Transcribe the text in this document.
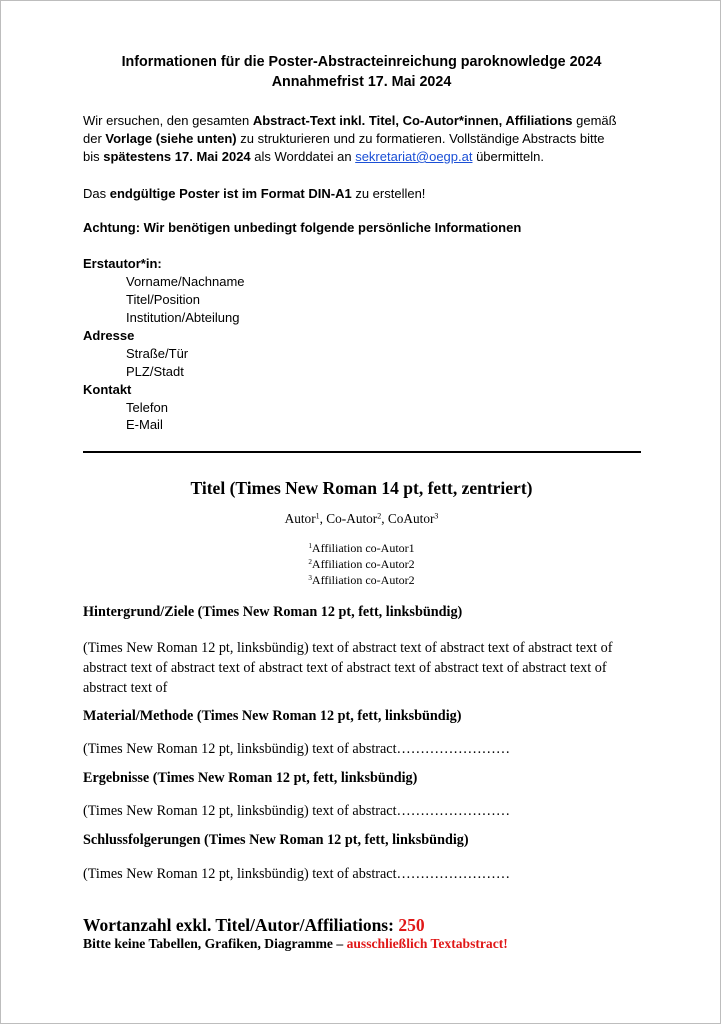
Informationen für die Poster-Abstracteinreichung paroknowledge 2024
Annahmefrist 17. Mai 2024
Wir ersuchen, den gesamten Abstract-Text inkl. Titel, Co-Autor*innen, Affiliations gemäß
der Vorlage (siehe unten) zu strukturieren und zu formatieren. Vollständige Abstracts bitte
bis spätestens 17. Mai 2024 als Worddatei an sekretariat@oegp.at übermitteln.
Das endgültige Poster ist im Format DIN-A1 zu erstellen!
Achtung: Wir benötigen unbedingt folgende persönliche Informationen
Erstautor*in:
Vorname/Nachname
Titel/Position
Institution/Abteilung
Adresse
Straße/Tür
PLZ/Stadt
Kontakt
Telefon
E-Mail
Titel (Times New Roman 14 pt, fett, zentriert)
Autor$^1$, Co-Autor$^2$, CoAutor$^3$
$^1$Affiliation co-Autor1
$^2$Affiliation co-Autor2
$^3$Affiliation co-Autor2
Hintergrund/Ziele (Times New Roman 12 pt, fett, linksbündig)
(Times New Roman 12 pt, linksbündig) text of abstract text of abstract text of abstract text of
abstract text of abstract text of abstract text of abstract text of abstract text of abstract text of
abstract text of
Material/Methode (Times New Roman 12 pt, fett, linksbündig)
(Times New Roman 12 pt, linksbündig) text of abstract……………………
Ergebnisse (Times New Roman 12 pt, fett, linksbündig)
(Times New Roman 12 pt, linksbündig) text of abstract……………………
Schlussfolgerungen (Times New Roman 12 pt, fett, linksbündig)
(Times New Roman 12 pt, linksbündig) text of abstract……………………
Wortanzahl exkl. Titel/Autor/Affiliations: 250
Bitte keine Tabellen, Grafiken, Diagramme – ausschließlich Textabstract!
